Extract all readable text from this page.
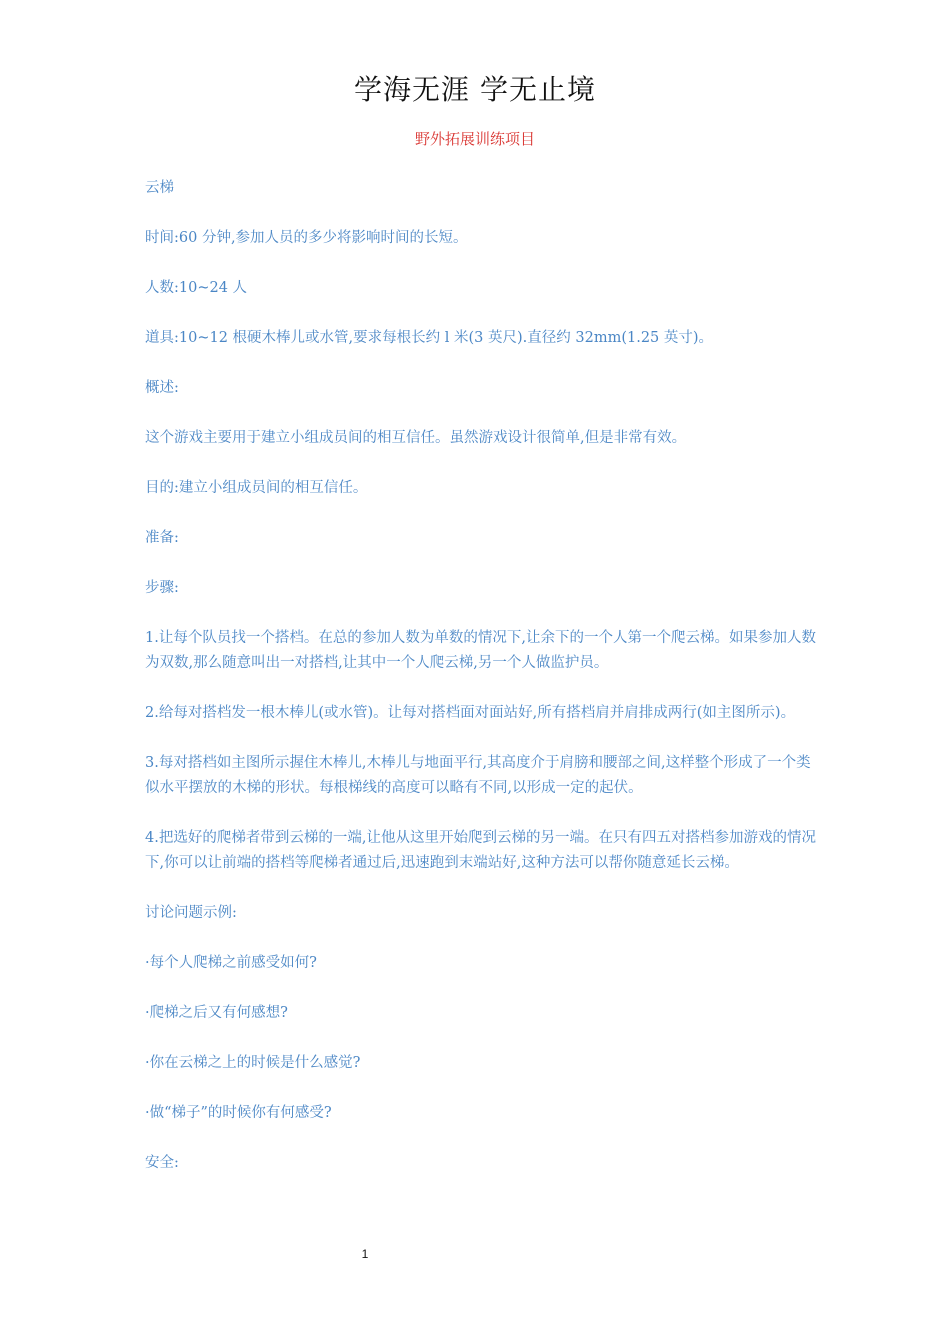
学海无涯 学无止境
野外拓展训练项目

云梯

时间:60 分钟,参加人员的多少将影响时间的长短。

人数:10~24 人

道具:10~12 根硬木棒儿或水管,要求每根长约 l 米(3 英尺).直径约 32mm(1.25 英寸)。

概述:

这个游戏主要用于建立小组成员间的相互信任。虽然游戏设计很简单,但是非常有效。

目的:建立小组成员间的相互信任。

准备:

步骤:

1.让每个队员找一个搭档。在总的参加人数为单数的情况下,让余下的一个人第一个爬云梯。如果参加人数为双数,那么随意叫出一对搭档,让其中一个人爬云梯,另一个人做监护员。

2.给每对搭档发一根木棒儿(或水管)。让每对搭档面对面站好,所有搭档肩并肩排成两行(如主图所示)。

3.每对搭档如主图所示握住木棒儿,木棒儿与地面平行,其高度介于肩膀和腰部之间,这样整个形成了一个类似水平摆放的木梯的形状。每根梯线的高度可以略有不同,以形成一定的起伏。

4.把选好的爬梯者带到云梯的一端,让他从这里开始爬到云梯的另一端。在只有四五对搭档参加游戏的情况下,你可以让前端的搭档等爬梯者通过后,迅速跑到末端站好,这种方法可以帮你随意延长云梯。

讨论问题示例:

·每个人爬梯之前感受如何?

·爬梯之后又有何感想?

·你在云梯之上的时候是什么感觉?

·做“梯子”的时候你有何感受?

安全:

1
